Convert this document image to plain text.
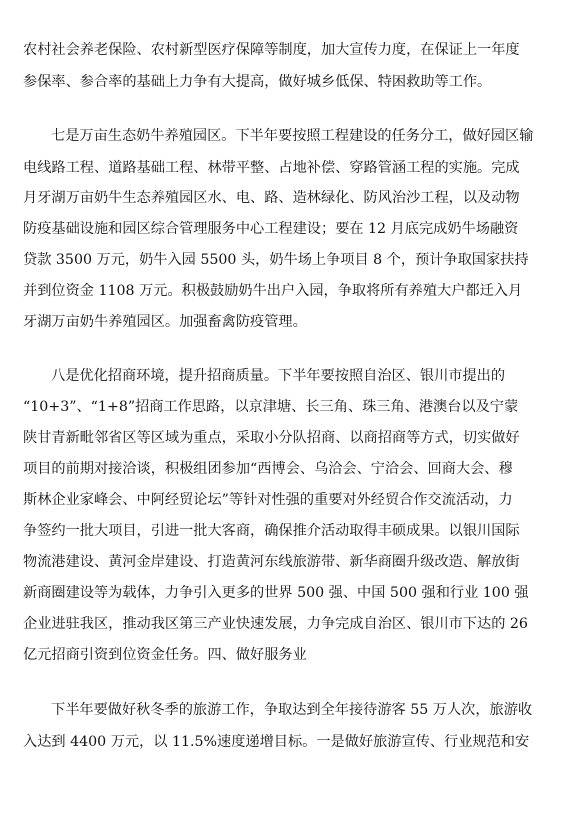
农村社会养老保险、农村新型医疗保障等制度，加大宣传力度，在保证上一年度
参保率、参合率的基础上力争有大提高，做好城乡低保、特困救助等工作。
七是万亩生态奶牛养殖园区。下半年要按照工程建设的任务分工，做好园区输
电线路工程、道路基础工程、林带平整、占地补偿、穿路管涵工程的实施。完成
月牙湖万亩奶牛生态养殖园区水、电、路、造林绿化、防风治沙工程，以及动物
防疫基础设施和园区综合管理服务中心工程建设；要在 12 月底完成奶牛场融资
贷款 3500 万元，奶牛入园 5500 头，奶牛场上争项目 8 个，预计争取国家扶持
并到位资金 1108 万元。积极鼓励奶牛出户入园，争取将所有养殖大户都迁入月
牙湖万亩奶牛养殖园区。加强畜禽防疫管理。
八是优化招商环境，提升招商质量。下半年要按照自治区、银川市提出的
“10+3”、“1+8”招商工作思路，以京津塘、长三角、珠三角、港澳台以及宁蒙
陕甘青新毗邻省区等区域为重点，采取小分队招商、以商招商等方式，切实做好
项目的前期对接洽谈，积极组团参加“西博会、乌洽会、宁洽会、回商大会、穆
斯林企业家峰会、中阿经贸论坛”等针对性强的重要对外经贸合作交流活动，力
争签约一批大项目，引进一批大客商，确保推介活动取得丰硕成果。以银川国际
物流港建设、黄河金岸建设、打造黄河东线旅游带、新华商圈升级改造、解放街
新商圈建设等为载体，力争引入更多的世界 500 强、中国 500 强和行业 100 强
企业进驻我区，推动我区第三产业快速发展，力争完成自治区、银川市下达的 26
亿元招商引资到位资金任务。四、做好服务业
下半年要做好秋冬季的旅游工作，争取达到全年接待游客 55 万人次，旅游收
入达到 4400 万元，以 11.5%速度递增目标。一是做好旅游宣传、行业规范和安
